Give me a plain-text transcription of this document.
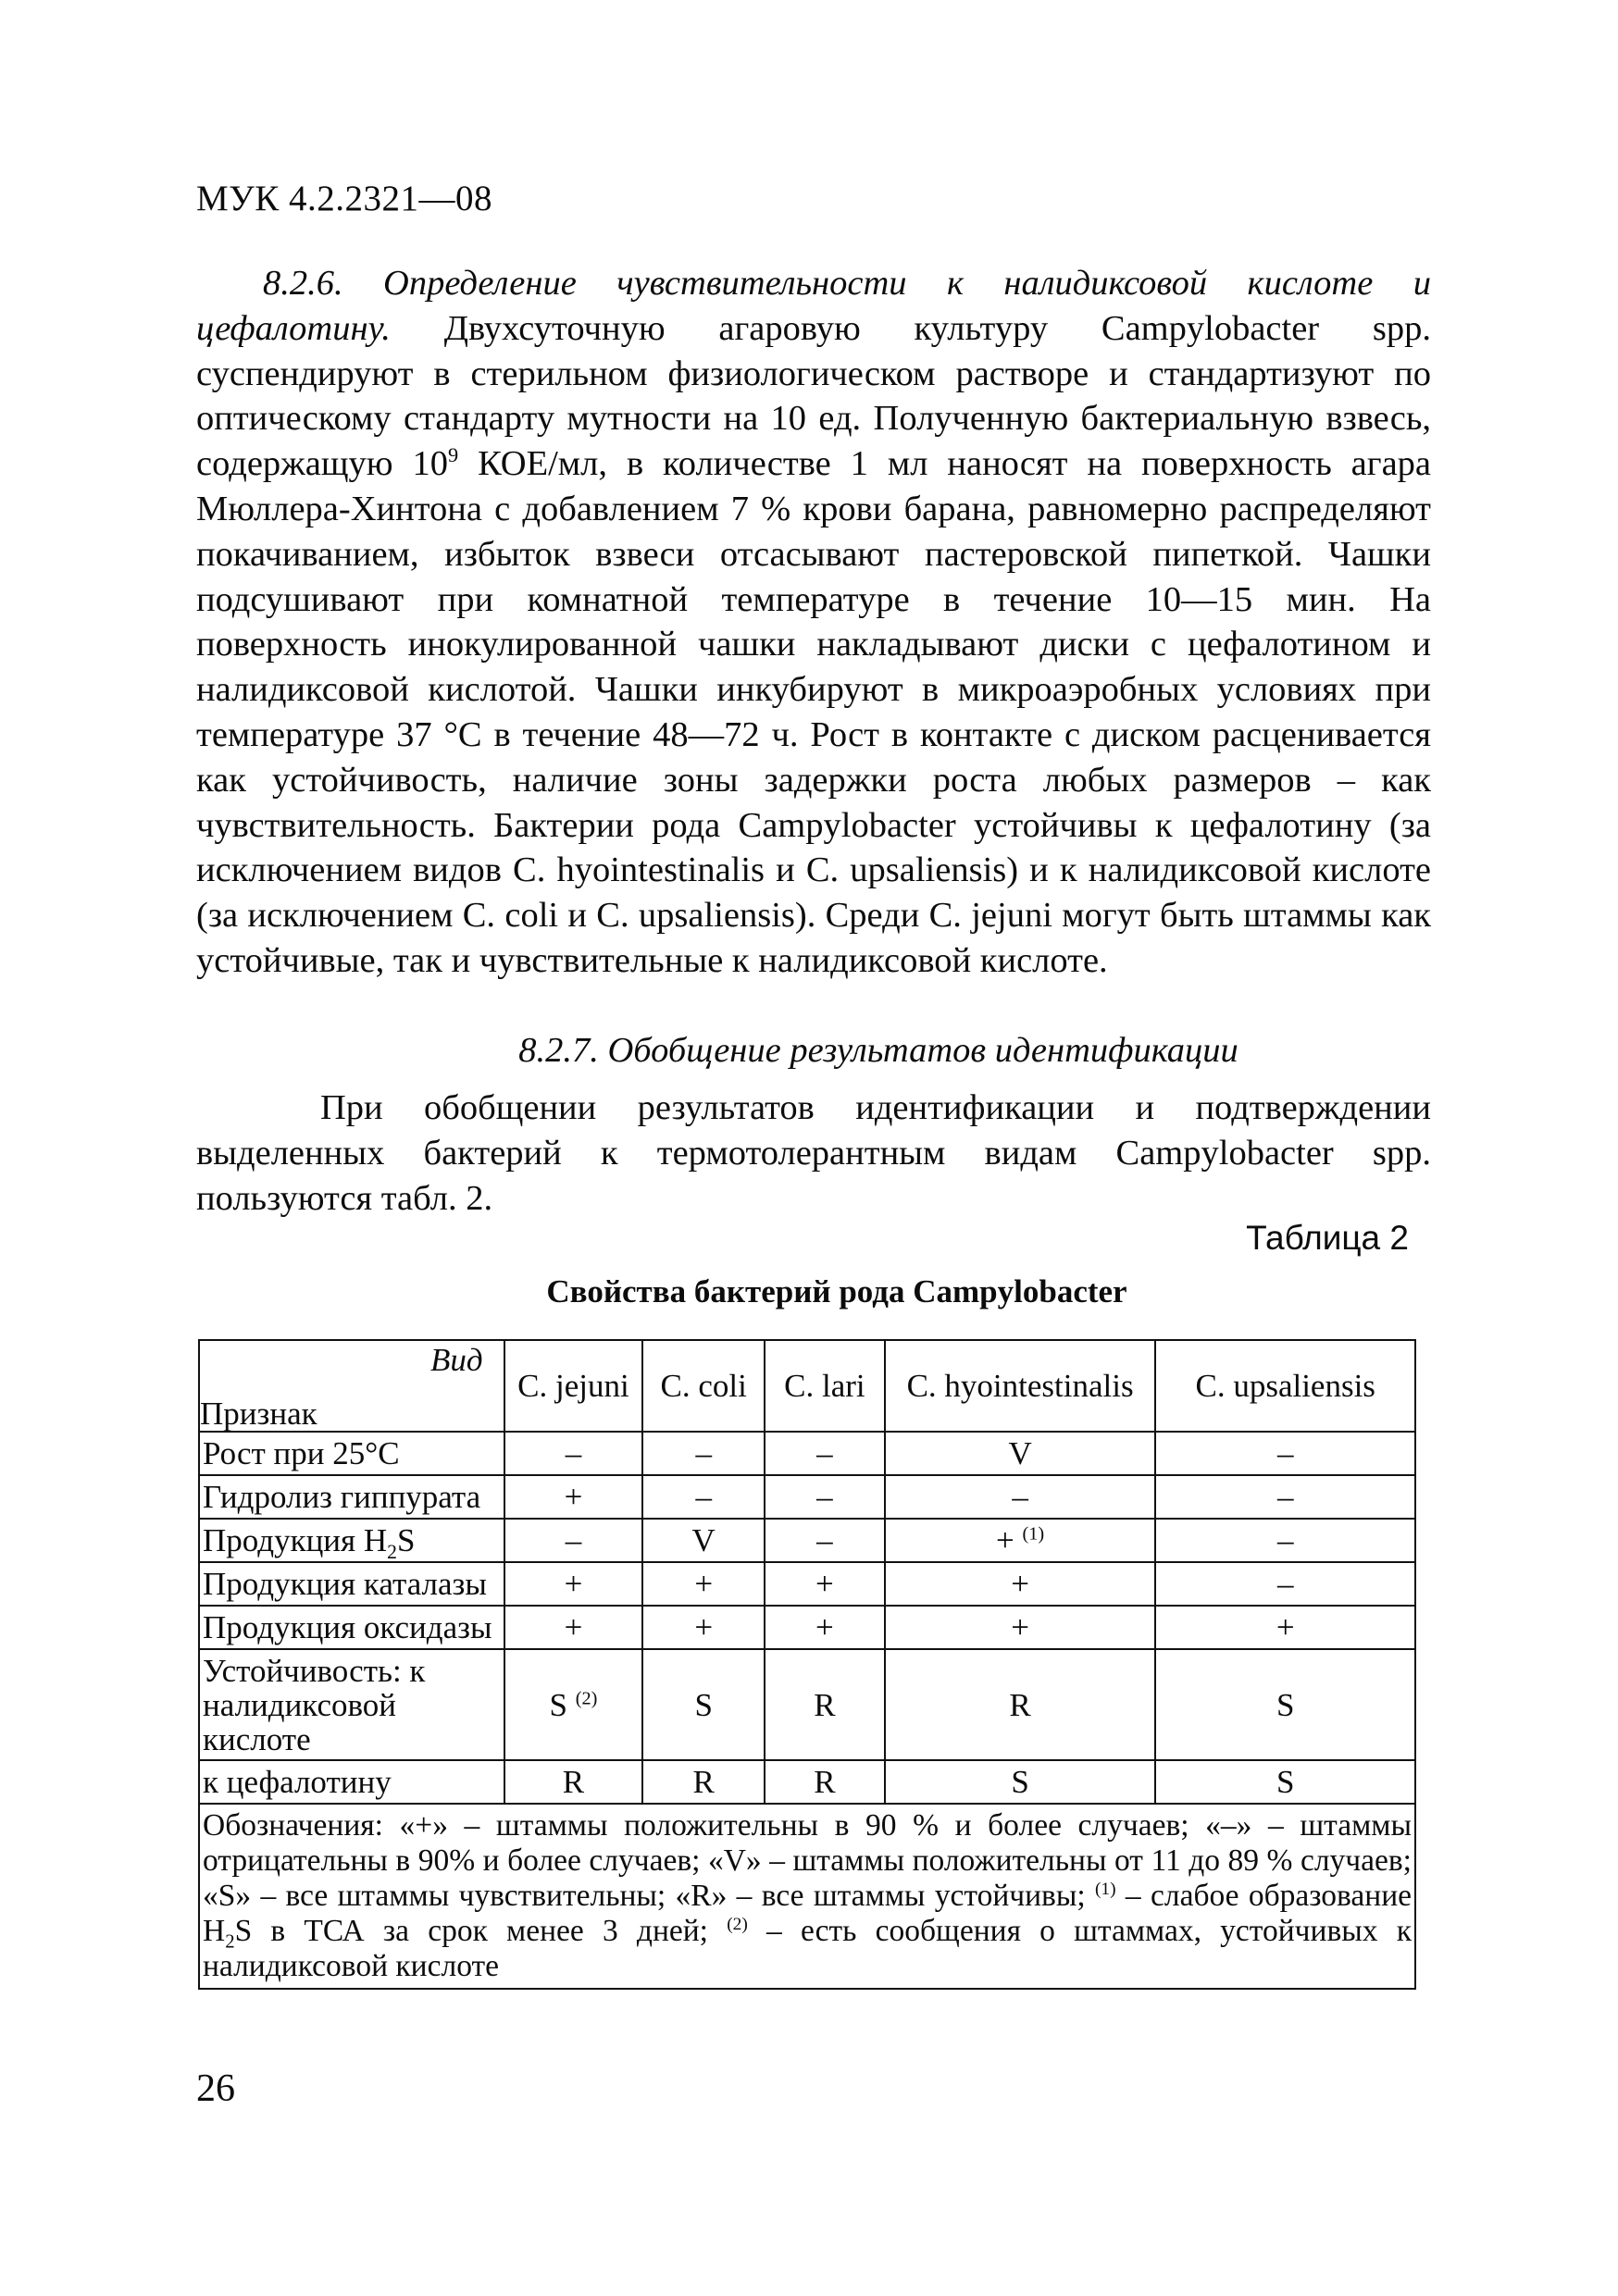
МУК 4.2.2321—08
8.2.6. Определение чувствительности к налидиксовой кислоте и цефалотину. Двухсуточную агаровую культуру Campylobacter spp. суспендируют в стерильном физиологическом растворе и стандартизуют по оптическому стандарту мутности на 10 ед. Полученную бактериальную взвесь, содержащую $10^9$ КОЕ/мл, в количестве 1 мл наносят на поверхность агара Мюллера-Хинтона с добавлением 7 % крови барана, равномерно распределяют покачиванием, избыток взвеси отсасывают пастеровской пипеткой. Чашки подсушивают при комнатной температуре в течение 10—15 мин. На поверхность инокулированной чашки накладывают диски с цефалотином и налидиксовой кислотой. Чашки инкубируют в микроаэробных условиях при температуре 37 °С в течение 48—72 ч. Рост в контакте с диском расценивается как устойчивость, наличие зоны задержки роста любых размеров – как чувствительность. Бактерии рода Campylobacter устойчивы к цефалотину (за исключением видов C. hyointestinalis и C. upsaliensis) и к налидиксовой кислоте (за исключением C. coli и C. upsaliensis). Среди C. jejuni могут быть штаммы как устойчивые, так и чувствительные к налидиксовой кислоте.
8.2.7. Обобщение результатов идентификации
При обобщении результатов идентификации и подтверждении выделенных бактерий к термотолерантным видам Campylobacter spp. пользуются табл. 2.
Таблица 2
Свойства бактерий рода Campylobacter
Вид
Признак	C. jejuni	C. coli	C. lari	C. hyointestinalis	C. upsaliensis
Рост при 25°С	–	–	–	V	–
Гидролиз гиппурата	+	–	–	–	–
Продукция $H_2S$	–	V	–	+ $^{(1)}$	–
Продукция каталазы	+	+	+	+	–
Продукция оксидазы	+	+	+	+	+
Устойчивость: к налидиксовой кислоте	S $^{(2)}$	S	R	R	S
к цефалотину	R	R	R	S	S
Обозначения: «+» – штаммы положительны в 90 % и более случаев; «–» – штаммы отрицательны в 90% и более случаев; «V» – штаммы положительны от 11 до 89 % случаев; «S» – все штаммы чувствительны; «R» – все штаммы устойчивы; $^{(1)}$ – слабое образование $H_2S$ в ТСА за срок менее 3 дней; $^{(2)}$ – есть сообщения о штаммах, устойчивых к налидиксовой кислоте					
26
